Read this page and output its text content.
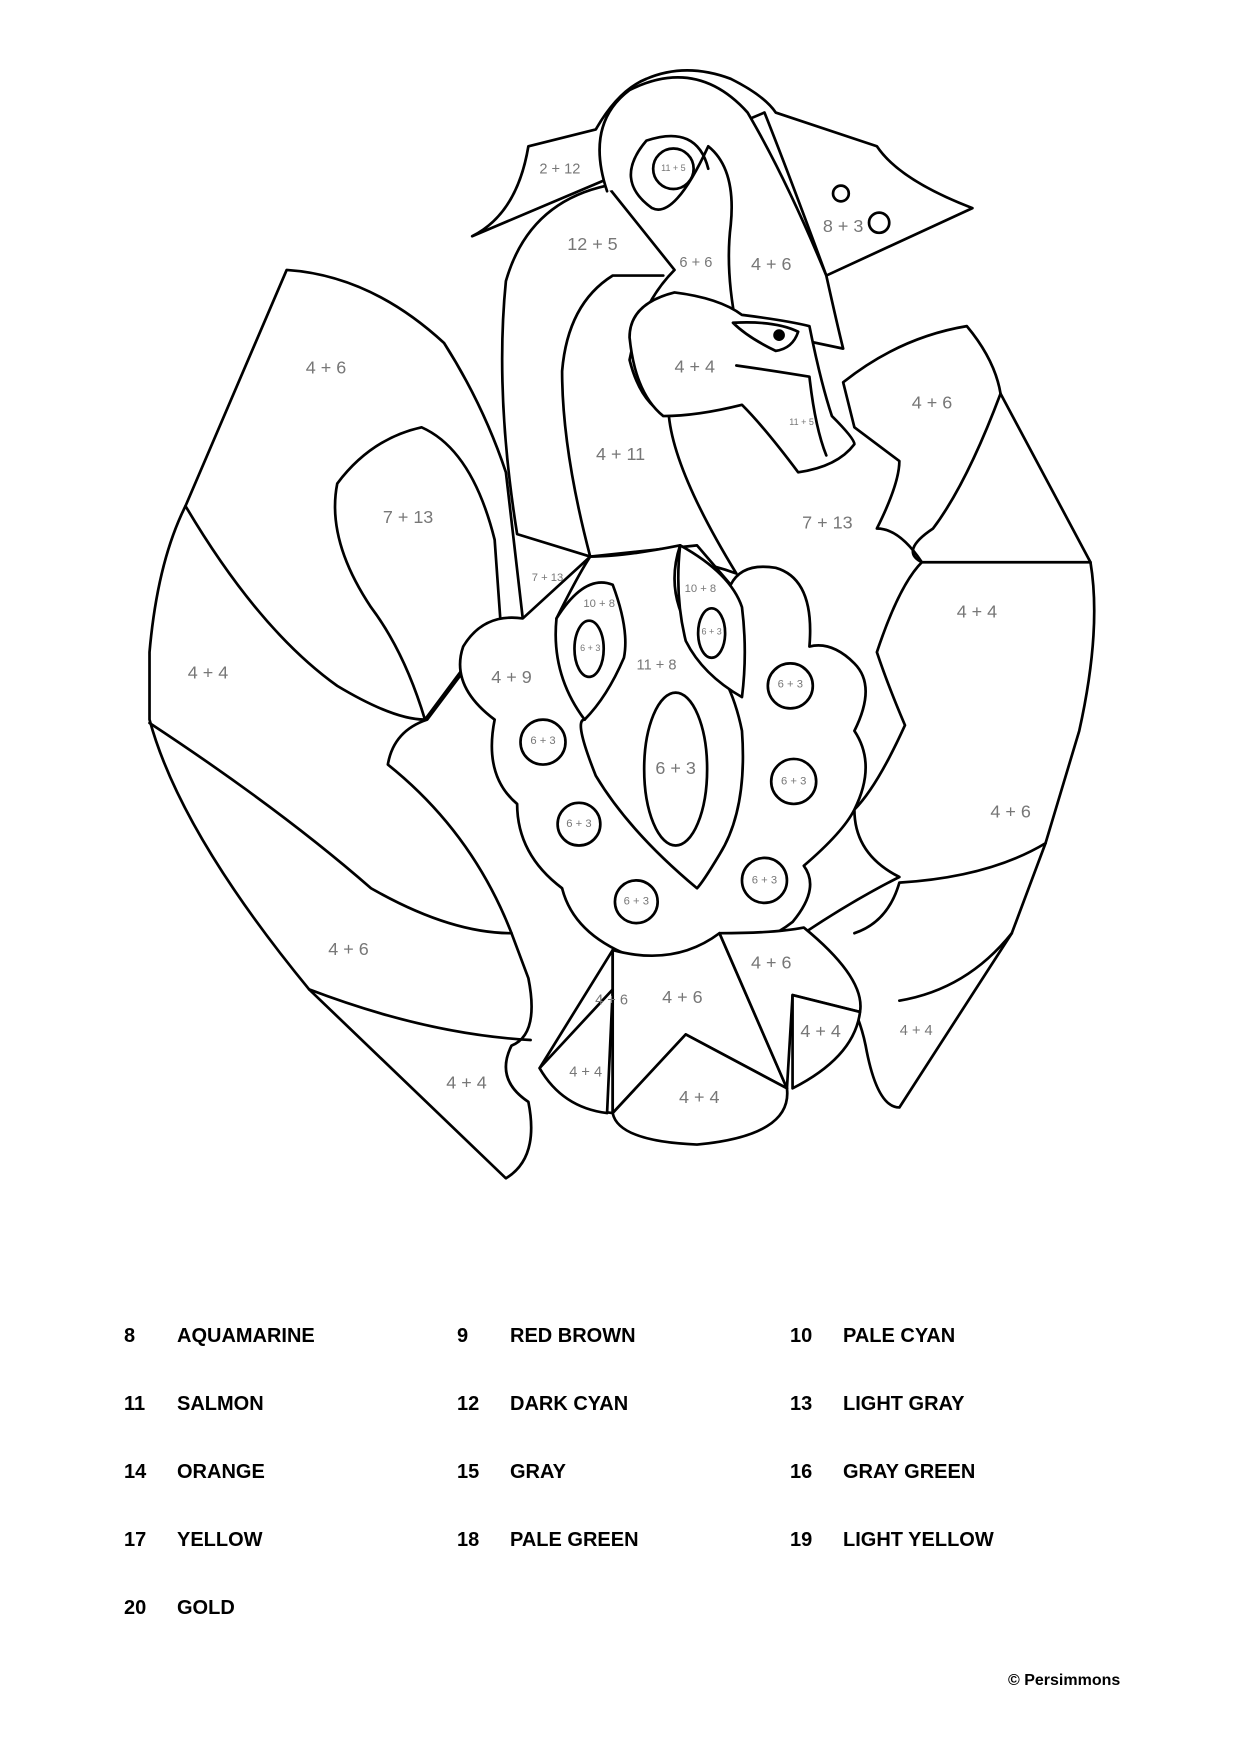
2 + 12	11 + 5
12 + 5
6 + 6 4 + 6
8 + 3
4 + 6	4 + 4
4 + 6
11 + 5
4 + 11
7 + 13	7 + 13
7 + 13
10 + 8
10 + 8
6 + 3
6 + 3
4 + 4
4 + 4	4 + 9
11 + 8
6 + 3
6 + 3
6 + 3
6 + 3
4 + 6
6 + 3
6 + 3
6 + 3
4 + 6
4 + 6
4 + 6 4 + 6
4 + 4	4 + 4
4 + 4
4 + 4
4 + 4
8	AQUAMARINE	9	RED BROWN	10	PALE CYAN
11	SALMON	12	DARK CYAN	13	LIGHT GRAY
14	ORANGE	15	GRAY	16	GRAY GREEN
17	YELLOW	18	PALE GREEN	19	LIGHT YELLOW
20	GOLD
© Persimmons
